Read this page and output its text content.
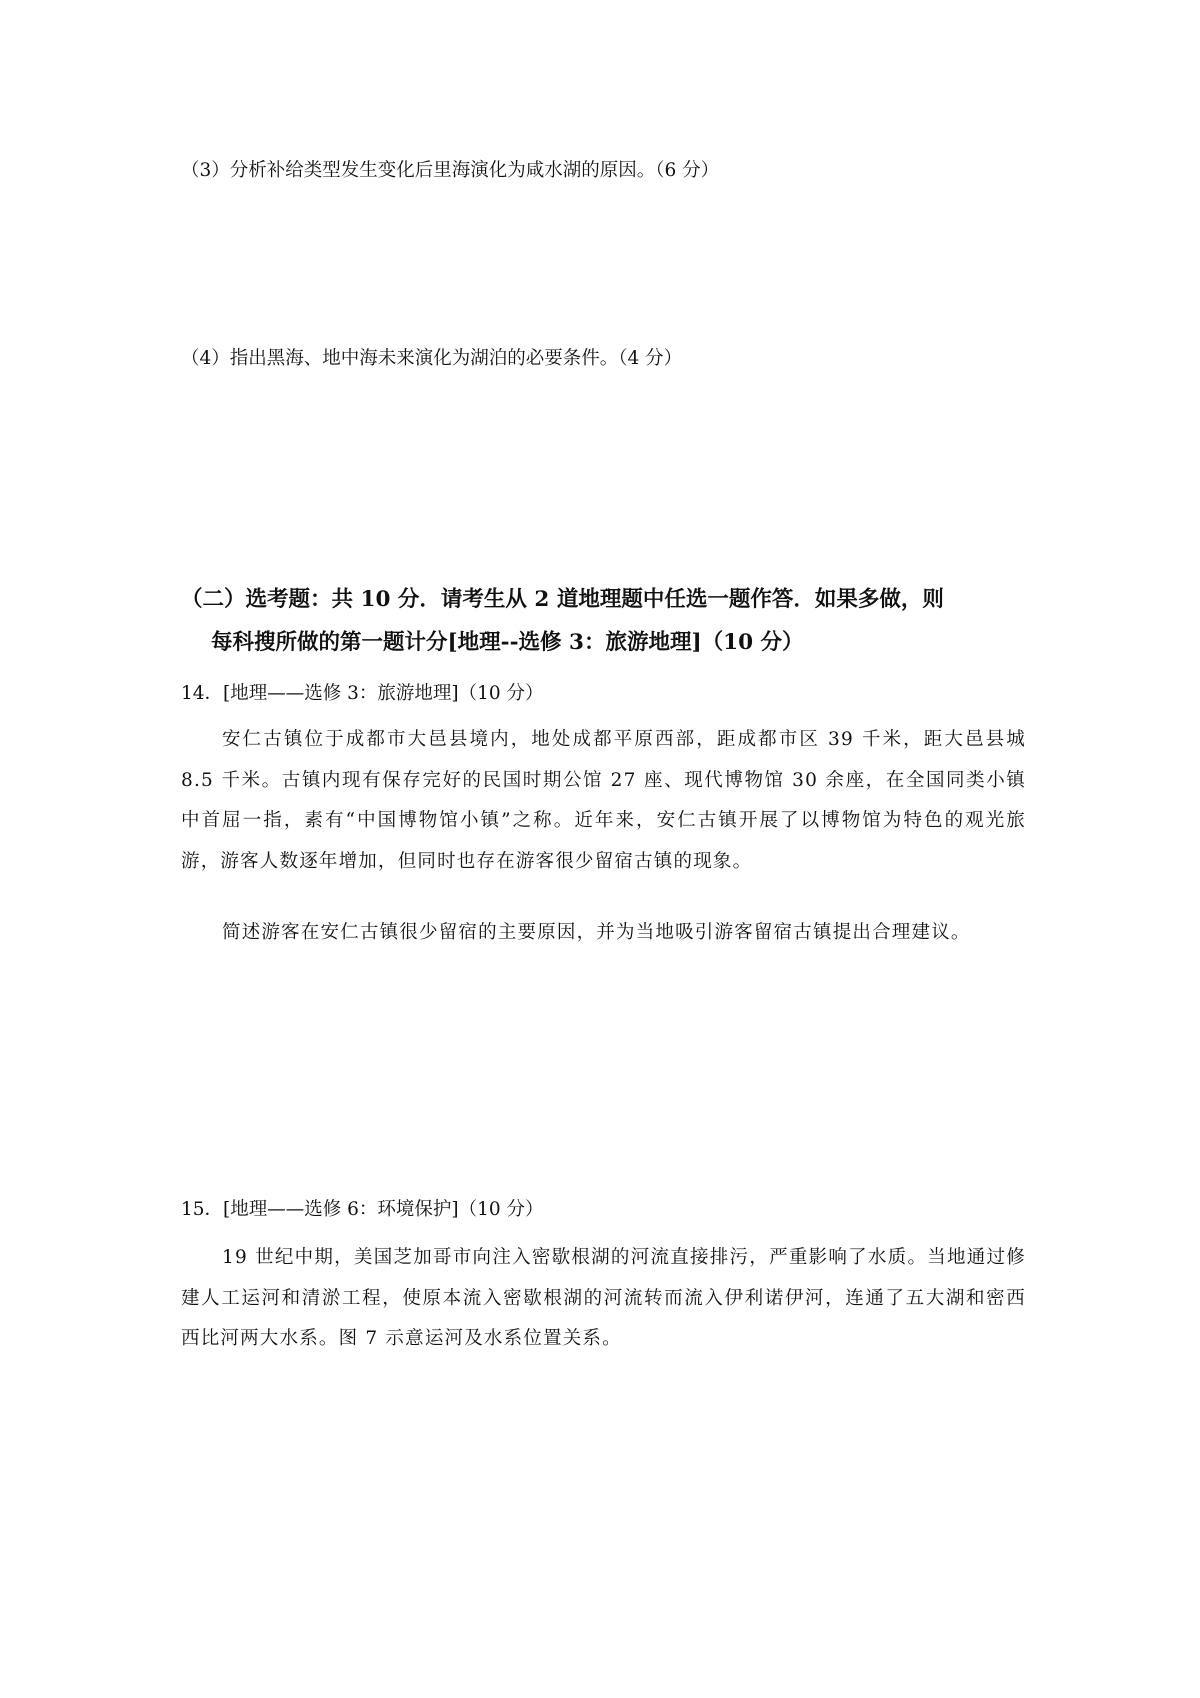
（3）分析补给类型发生变化后里海演化为咸水湖的原因。（6 分）
（4）指出黑海、地中海未来演化为湖泊的必要条件。（4 分）
（二）选考题：共 10 分．请考生从 2 道地理题中任选一题作答．如果多做，则
每科搜所做的第一题计分[地理--选修 3：旅游地理]（10 分）
14．[地理——选修 3：旅游地理]（10 分）
安仁古镇位于成都市大邑县境内，地处成都平原西部，距成都市区 39 千米，距大邑县城 8.5 千米。古镇内现有保存完好的民国时期公馆 27 座、现代博物馆 30 余座，在全国同类小镇中首屈一指，素有“中国博物馆小镇”之称。近年来，安仁古镇开展了以博物馆为特色的观光旅游，游客人数逐年增加，但同时也存在游客很少留宿古镇的现象。
简述游客在安仁古镇很少留宿的主要原因，并为当地吸引游客留宿古镇提出合理建议。
15．[地理——选修 6：环境保护]（10 分）
19 世纪中期，美国芝加哥市向注入密歇根湖的河流直接排污，严重影响了水质。当地通过修建人工运河和清淤工程，使原本流入密歇根湖的河流转而流入伊利诺伊河，连通了五大湖和密西西比河两大水系。图 7 示意运河及水系位置关系。
